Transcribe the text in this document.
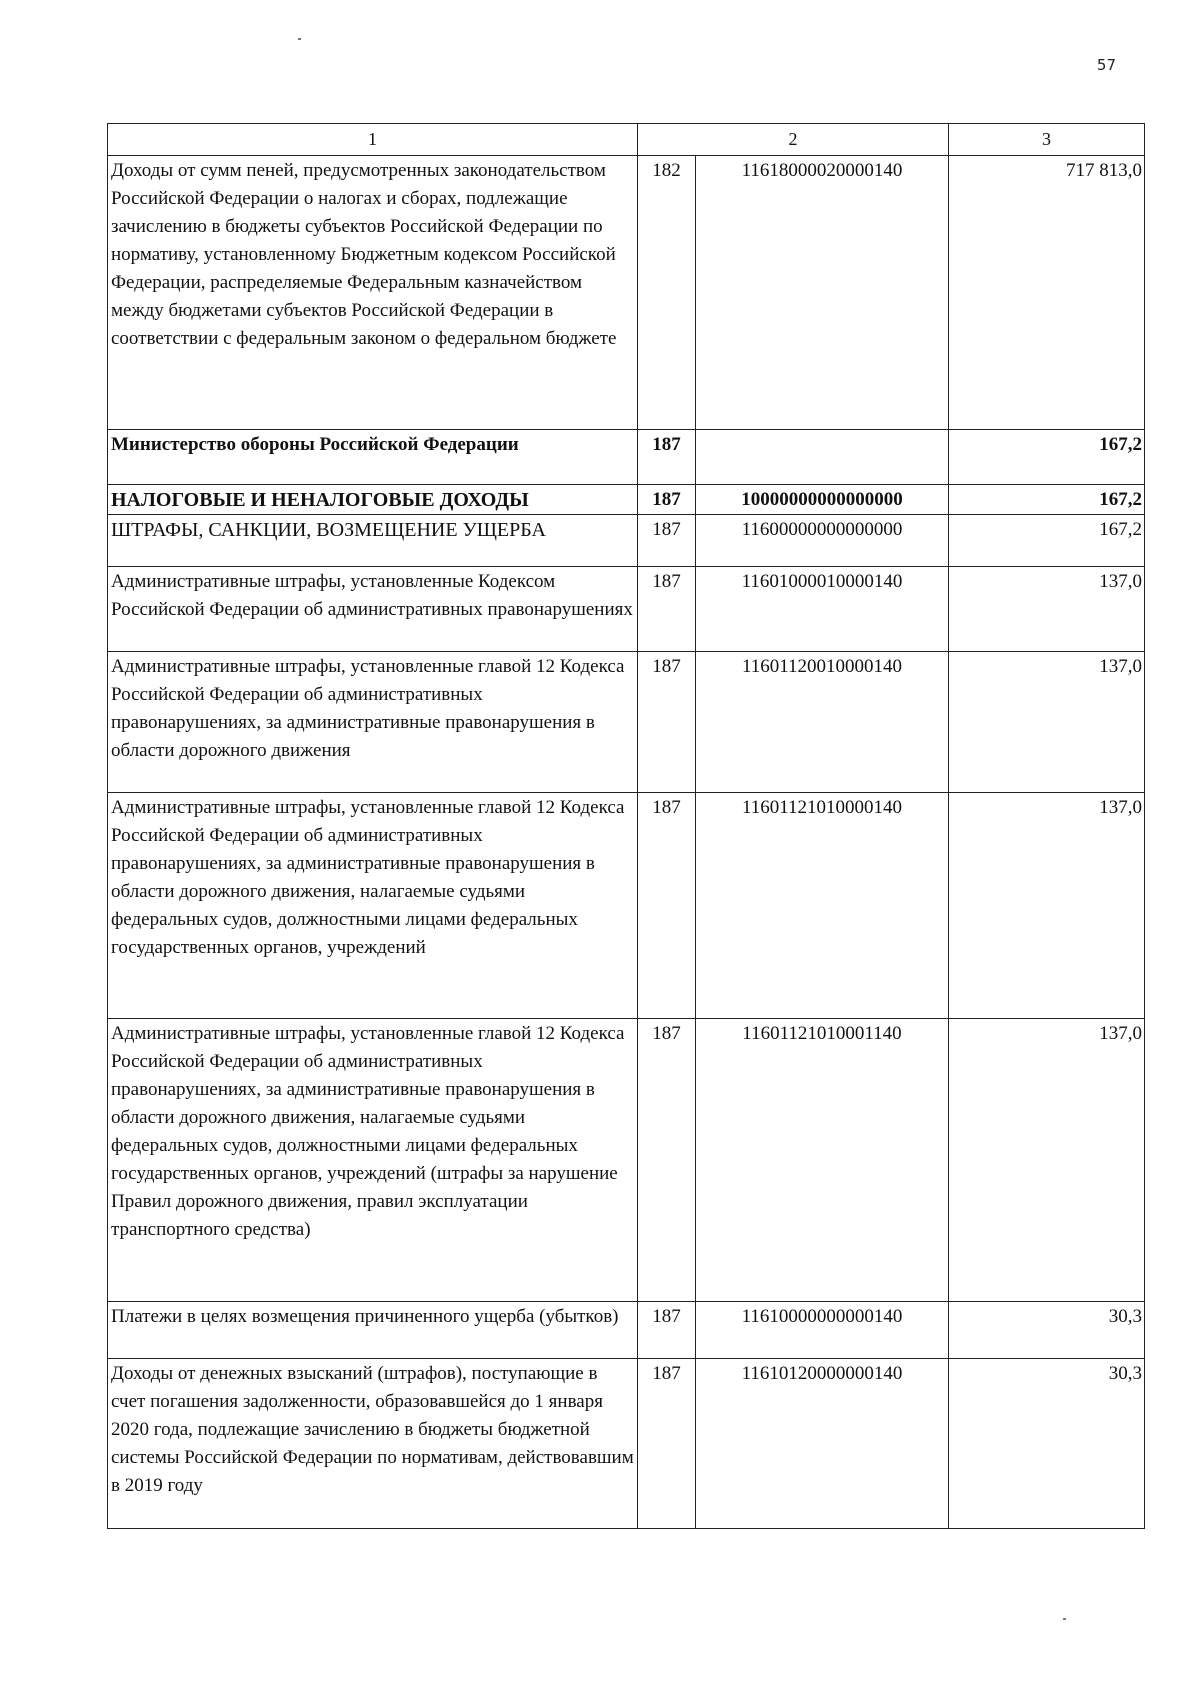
57
1	2		3
Доходы от сумм пеней, предусмотренных законодательством Российской Федерации о налогах и сборах, подлежащие зачислению в бюджеты субъектов Российской Федерации по нормативу, установленному Бюджетным кодексом Российской Федерации, распределяемые Федеральным казначейством между бюджетами субъектов Российской Федерации в соответствии с федеральным законом о федеральном бюджете	182	11618000020000140	717 813,0
Министерство обороны Российской Федерации	187		167,2
НАЛОГОВЫЕ И НЕНАЛОГОВЫЕ ДОХОДЫ	187	10000000000000000	167,2
ШТРАФЫ, САНКЦИИ, ВОЗМЕЩЕНИЕ УЩЕРБА	187	11600000000000000	167,2
Административные штрафы, установленные Кодексом Российской Федерации об административных правонарушениях	187	11601000010000140	137,0
Административные штрафы, установленные главой 12 Кодекса Российской Федерации об административных правонарушениях, за административные правонарушения в области дорожного движения	187	11601120010000140	137,0
Административные штрафы, установленные главой 12 Кодекса Российской Федерации об административных правонарушениях, за административные правонарушения в области дорожного движения, налагаемые судьями федеральных судов, должностными лицами федеральных государственных органов, учреждений	187	11601121010000140	137,0
Административные штрафы, установленные главой 12 Кодекса Российской Федерации об административных правонарушениях, за административные правонарушения в области дорожного движения, налагаемые судьями федеральных судов, должностными лицами федеральных государственных органов, учреждений (штрафы за нарушение Правил дорожного движения, правил эксплуатации транспортного средства)	187	11601121010001140	137,0
Платежи в целях возмещения причиненного ущерба (убытков)	187	11610000000000140	30,3
Доходы от денежных взысканий (штрафов), поступающие в счет погашения задолженности, образовавшейся до 1 января 2020 года, подлежащие зачислению в бюджеты бюджетной системы Российской Федерации по нормативам, действовавшим в 2019 году	187	11610120000000140	30,3
